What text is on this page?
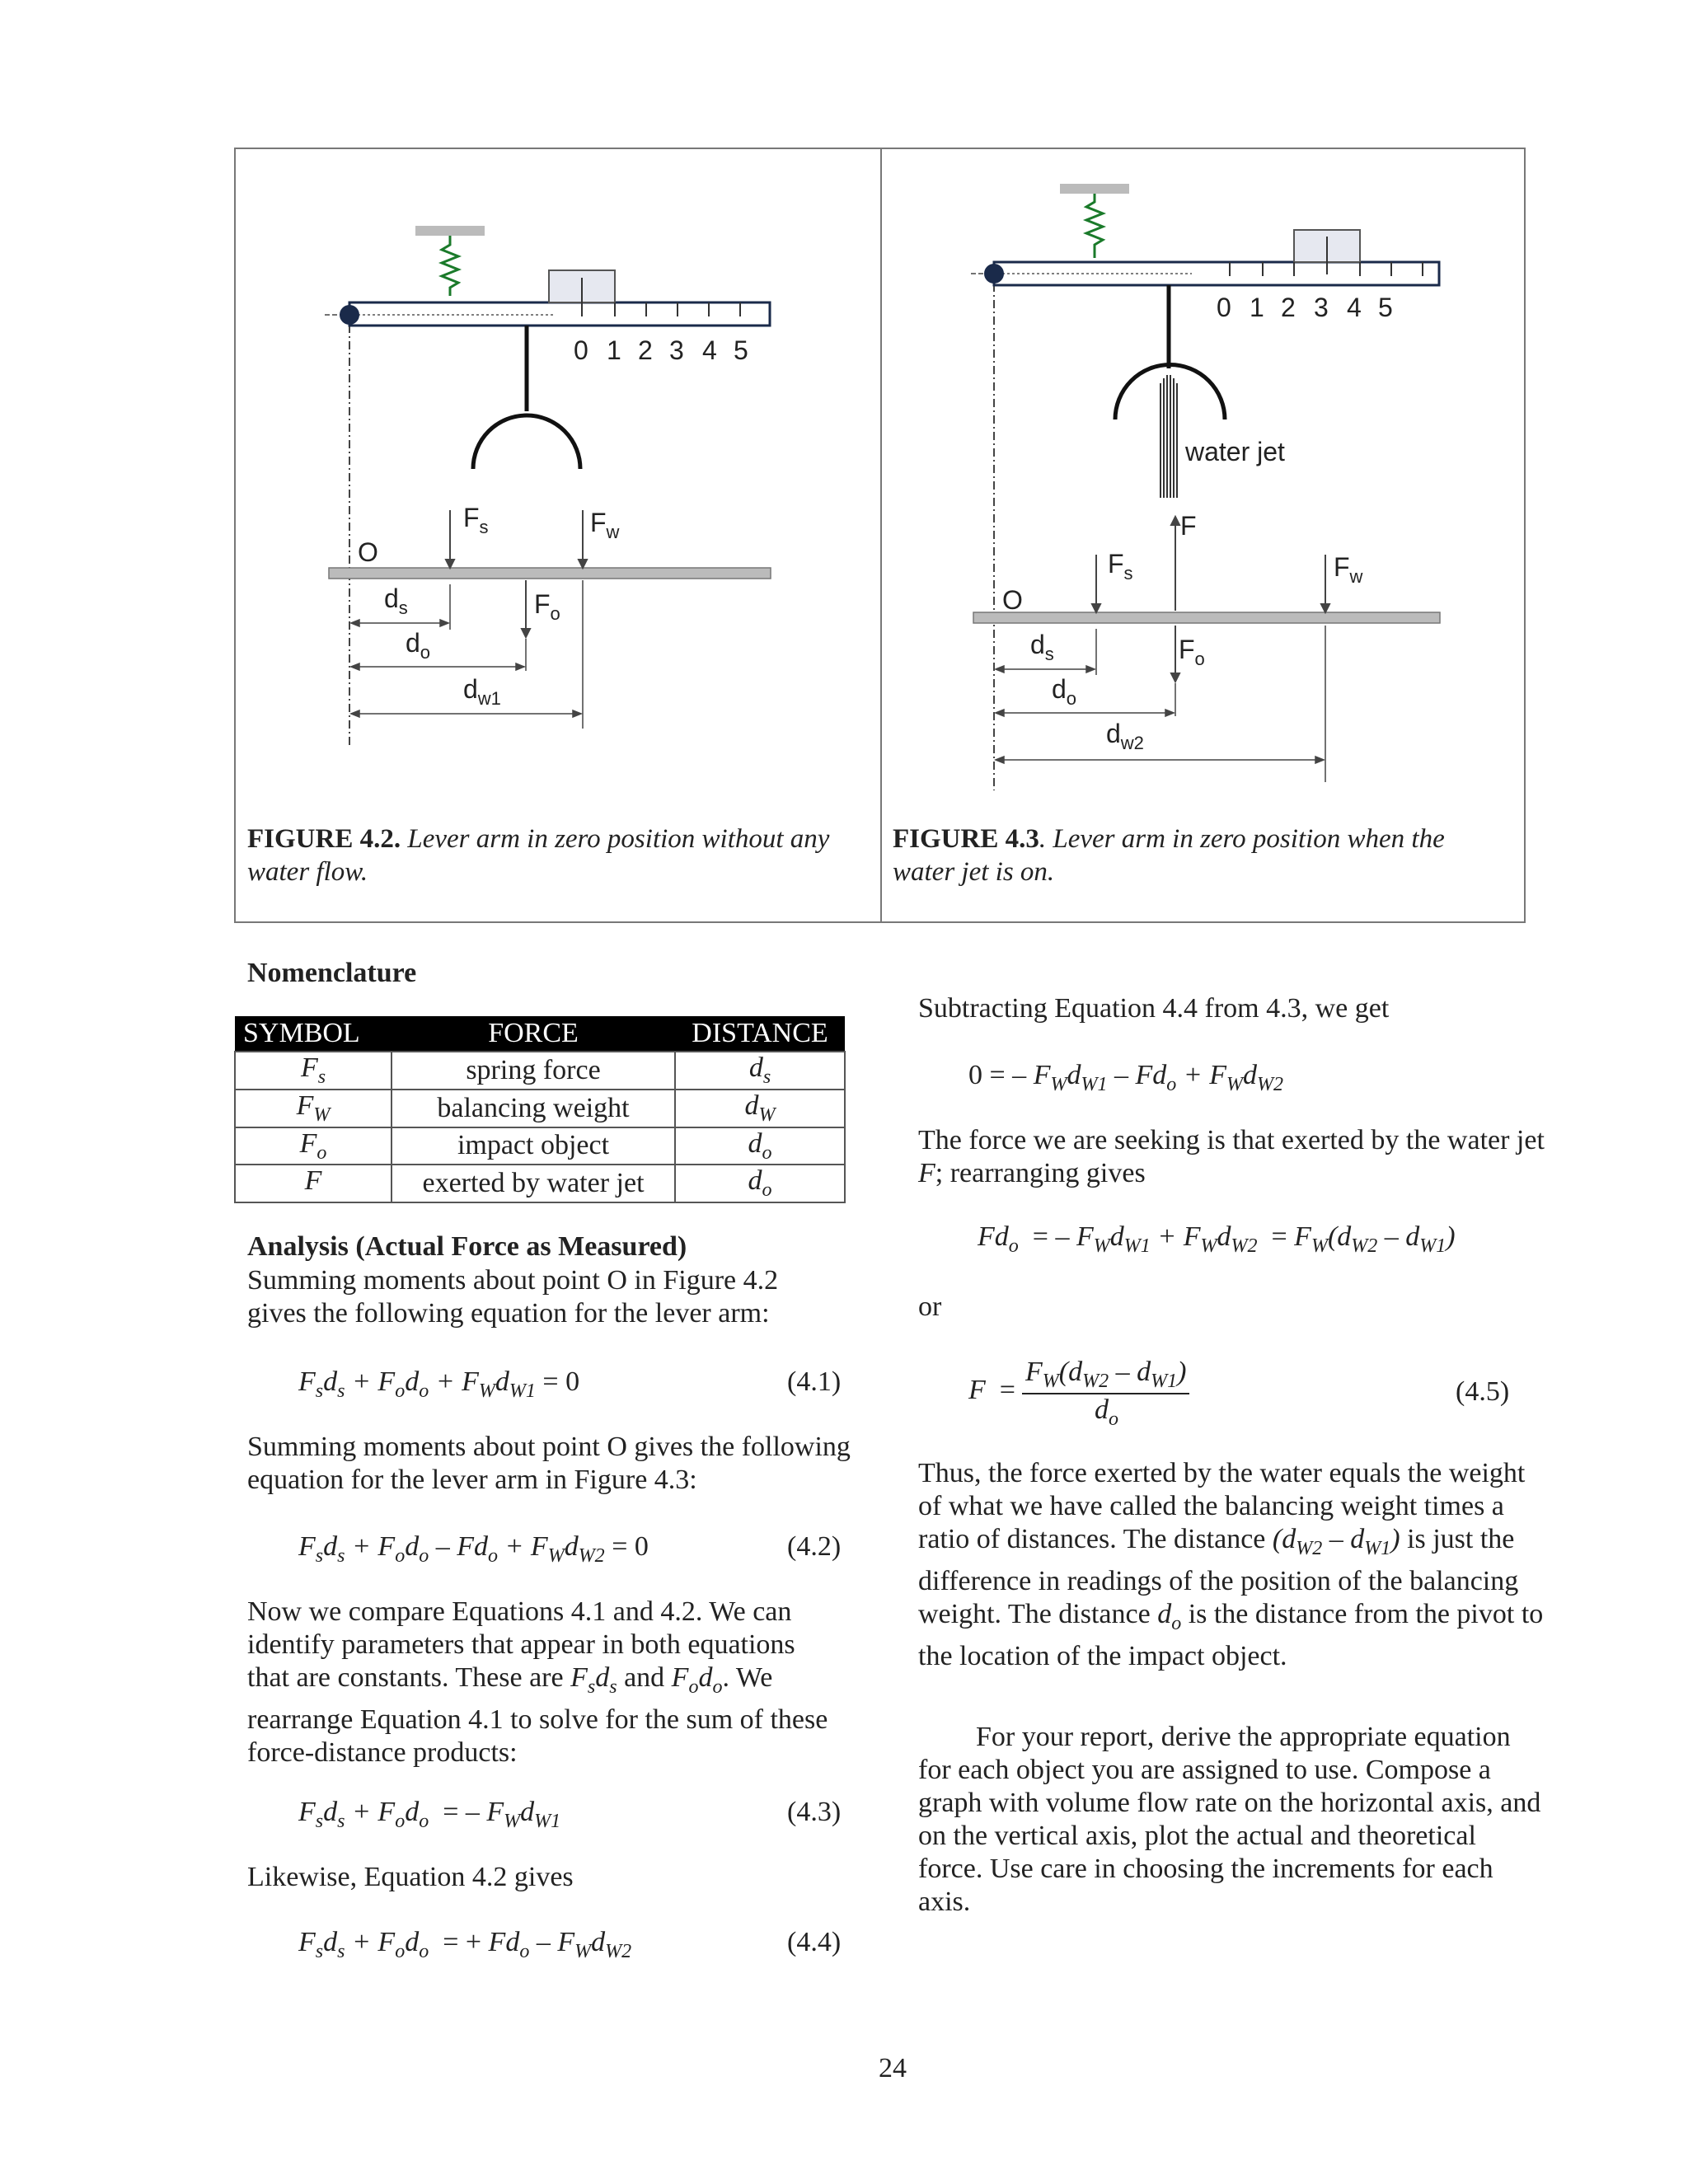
0 1 2 3 4 5
O
$F_s$	$F_w$
$F_o$
$d_s$
$d_o$
$d_{w1}$
0 1 2 3 4 5
water jet
F
O
$F_s$	$F_w$
$F_o$
$d_s$
$d_o$
$d_{w2}$
FIGURE 4.2. Lever arm in zero position without any water flow.
FIGURE 4.3. Lever arm in zero position when the water jet is on.
Nomenclature
SYMBOL	FORCE	DISTANCE
$F_s$	spring force	$d_s$
$F_W$	balancing weight	$d_W$
$F_o$	impact object	$d_o$
F	exerted by water jet	$d_o$
Analysis (Actual Force as Measured)
Summing moments about point O in Figure 4.2 gives the following equation for the lever arm:
$F_sd_s + F_od_o + F_Wd_{W1} = 0$	(4.1)
Summing moments about point O gives the following equation for the lever arm in Figure 4.3:
$F_sd_s + F_od_o - Fd_o + F_Wd_{W2} = 0$	(4.2)
Now we compare Equations 4.1 and 4.2. We can identify parameters that appear in both equations that are constants. These are $F_sd_s$ and $F_od_o$. We rearrange Equation 4.1 to solve for the sum of these force-distance products:
$F_sd_s + F_od_o$  = – $F_Wd_{W1}$	(4.3)
Likewise, Equation 4.2 gives
$F_sd_s + F_od_o$  = + $Fd_o - F_Wd_{W2}$	(4.4)
Subtracting Equation 4.4 from 4.3, we get
0 = – $F_Wd_{W1} - Fd_o + F_Wd_{W2}$
The force we are seeking is that exerted by the water jet F; rearranging gives
$Fd_o$  = – $F_Wd_{W1} + F_Wd_{W2} = F_W(d_{W2} - d_{W1})$
or
F  =
$F_W(d_{W2} - d_{W1})$
$d_o$
(4.5)
Thus, the force exerted by the water equals the weight of what we have called the balancing weight times a ratio of distances. The distance $(d_{W2} - d_{W1})$ is just the difference in readings of the position of the balancing weight. The distance $d_o$ is the distance from the pivot to the location of the impact object.
For your report, derive the appropriate equation for each object you are assigned to use. Compose a graph with volume flow rate on the horizontal axis, and on the vertical axis, plot the actual and theoretical force. Use care in choosing the increments for each axis.
24
